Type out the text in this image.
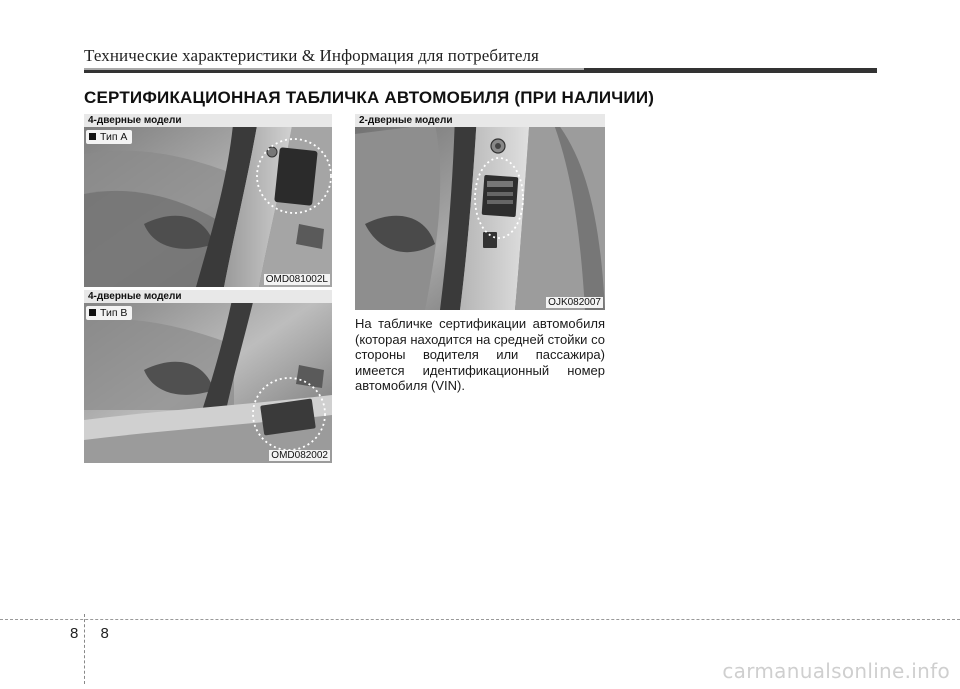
Технические характеристики & Информация для потребителя
СЕРТИФИКАЦИОННАЯ ТАБЛИЧКА АВТОМОБИЛЯ (ПРИ НАЛИЧИИ)
4-дверные модели
Тип A
OMD081002L
4-дверные модели
Тип B
OMD082002
2-дверные модели
OJK082007
На табличке сертификации автомобиля (которая находится на средней стойки со стороны водителя или пассажира) имеется идентификационный номер автомобиля (VIN).
8 8
carmanualsonline.info
